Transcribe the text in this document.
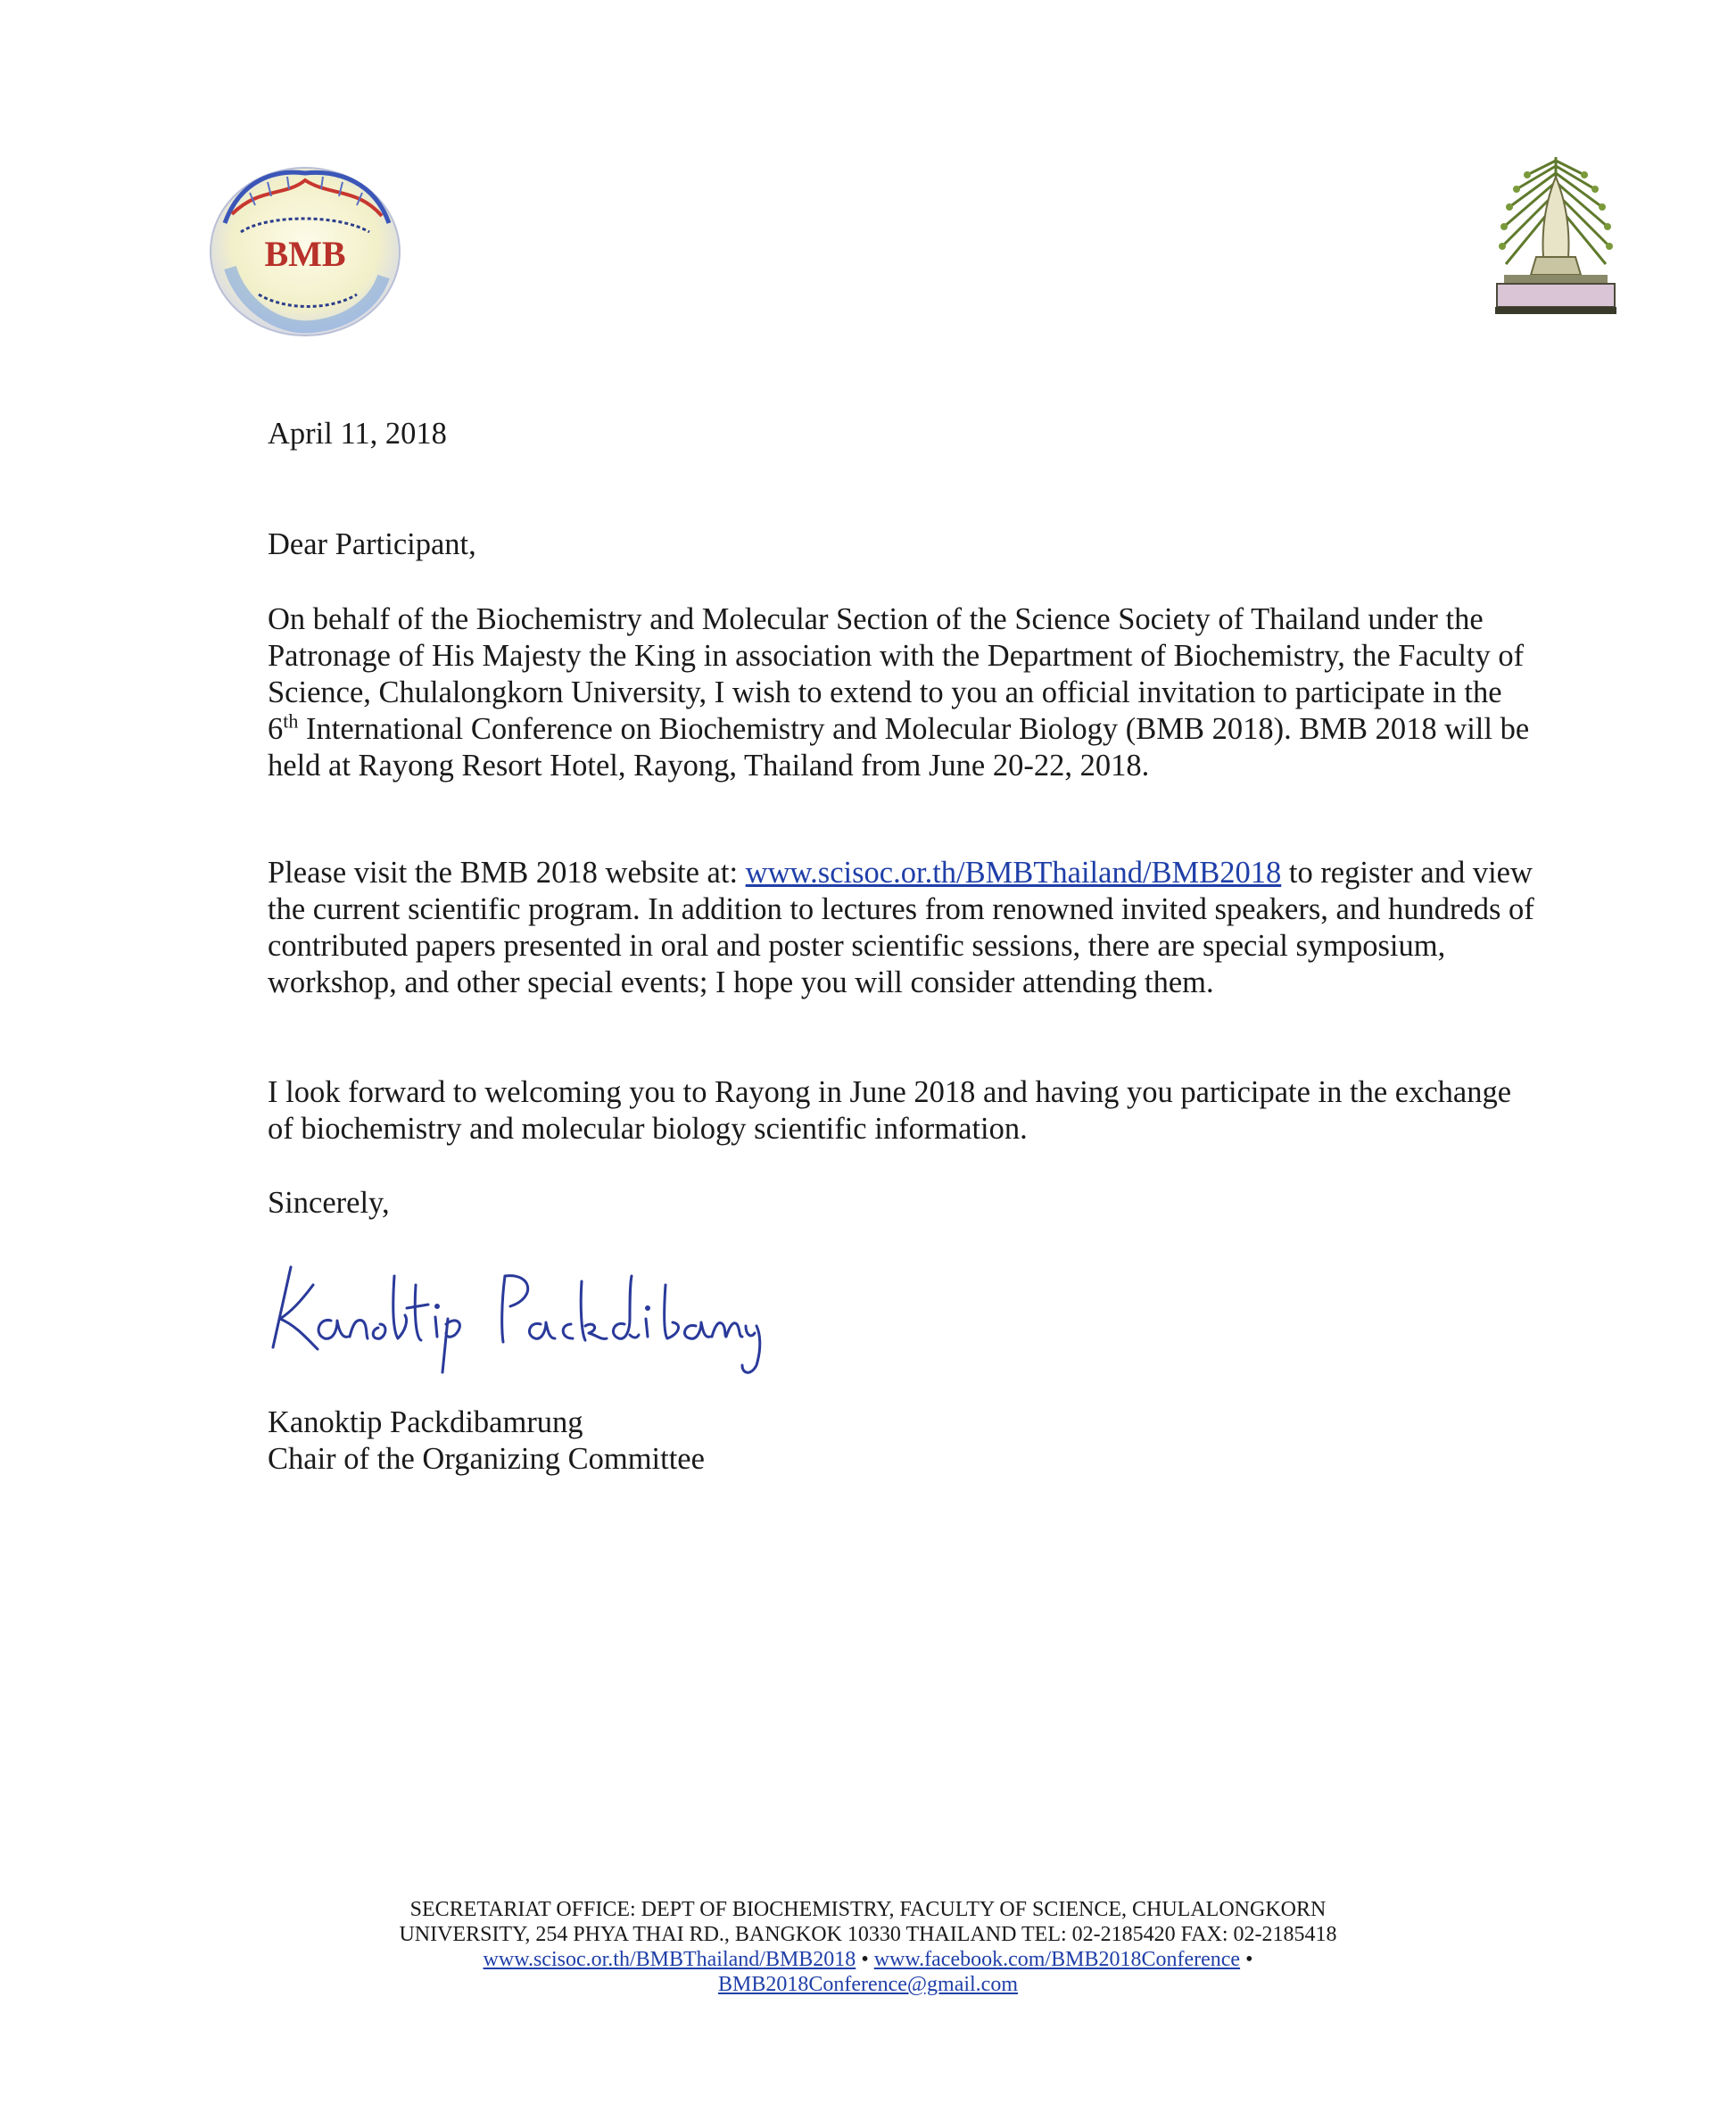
BMB
April 11, 2018
Dear Participant,
On behalf of the Biochemistry and Molecular Section of the Science Society of Thailand under the Patronage of His Majesty the King in association with the Department of Biochemistry, the Faculty of Science, Chulalongkorn University, I wish to extend to you an official invitation to participate in the 6th International Conference on Biochemistry and Molecular Biology (BMB 2018). BMB 2018 will be held at Rayong Resort Hotel, Rayong, Thailand from June 20-22, 2018.
Please visit the BMB 2018 website at: www.scisoc.or.th/BMBThailand/BMB2018 to register and view the current scientific program. In addition to lectures from renowned invited speakers, and hundreds of contributed papers presented in oral and poster scientific sessions, there are special symposium, workshop, and other special events; I hope you will consider attending them.
I look forward to welcoming you to Rayong in June 2018 and having you participate in the exchange of biochemistry and molecular biology scientific information.
Sincerely,
Kanoktip Packdibamrung
Chair of the Organizing Committee
SECRETARIAT OFFICE: DEPT OF BIOCHEMISTRY, FACULTY OF SCIENCE, CHULALONGKORN
UNIVERSITY, 254 PHYA THAI RD., BANGKOK 10330 THAILAND TEL: 02-2185420 FAX: 02-2185418
www.scisoc.or.th/BMBThailand/BMB2018 • www.facebook.com/BMB2018Conference •
BMB2018Conference@gmail.com
